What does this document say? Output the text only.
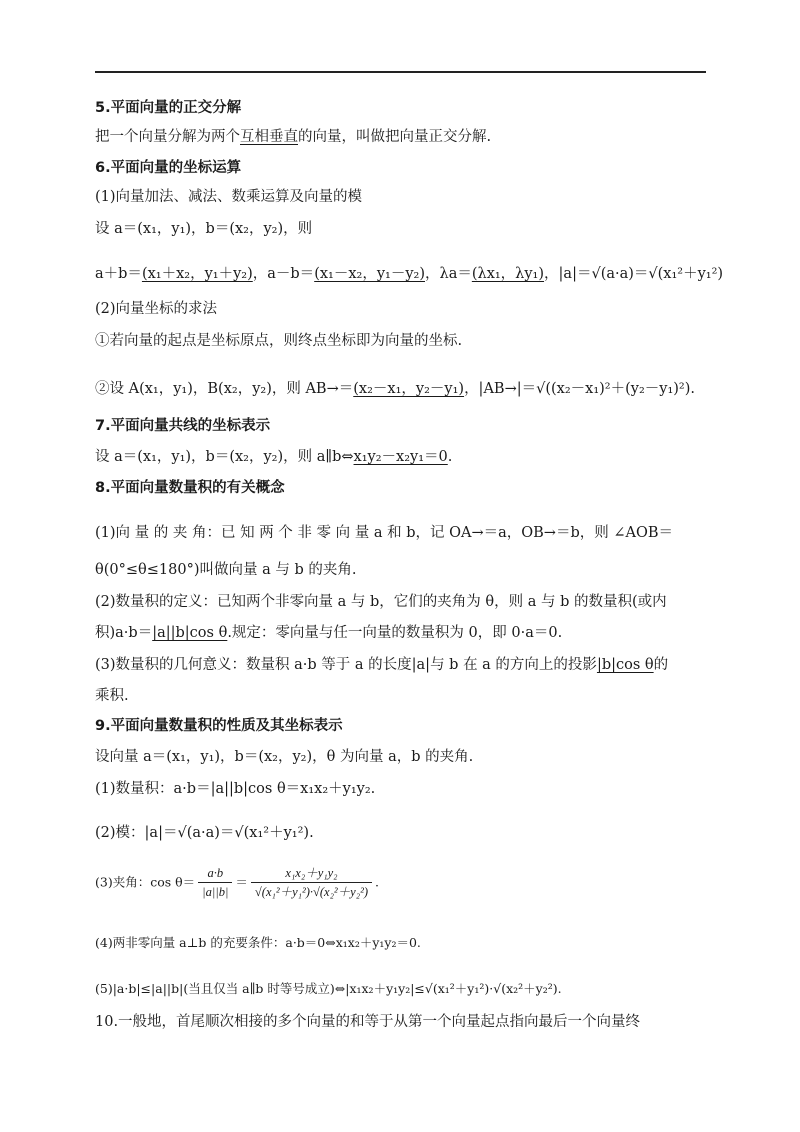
5.平面向量的正交分解
把一个向量分解为两个互相垂直的向量，叫做把向量正交分解.
6.平面向量的坐标运算
(1)向量加法、减法、数乘运算及向量的模
设 a＝(x₁，y₁)，b＝(x₂，y₂)，则
a＋b＝(x₁＋x₂，y₁＋y₂)，a－b＝(x₁－x₂，y₁－y₂)，λa＝(λx₁，λy₁)，|a|＝√(a·a)＝√(x₁²＋y₁²)
(2)向量坐标的求法
①若向量的起点是坐标原点，则终点坐标即为向量的坐标.
②设 A(x₁，y₁)，B(x₂，y₂)，则 AB→＝(x₂－x₁，y₂－y₁)，|AB→|＝√((x₂－x₁)²＋(y₂－y₁)²).
7.平面向量共线的坐标表示
设 a＝(x₁，y₁)，b＝(x₂，y₂)，则 a∥b⇔x₁y₂－x₂y₁＝0.
8.平面向量数量积的有关概念
(1)向 量 的 夹 角：已 知 两 个 非 零 向 量 a 和 b，记 OA→＝a，OB→＝b，则 ∠AOB＝
θ(0°≤θ≤180°)叫做向量 a 与 b 的夹角.
(2)数量积的定义：已知两个非零向量 a 与 b，它们的夹角为 θ，则 a 与 b 的数量积(或内
积)a·b＝|a||b|cos θ.规定：零向量与任一向量的数量积为 0，即 0·a＝0.
(3)数量积的几何意义：数量积 a·b 等于 a 的长度|a|与 b 在 a 的方向上的投影|b|cos θ的
乘积.
9.平面向量数量积的性质及其坐标表示
设向量 a＝(x₁，y₁)，b＝(x₂，y₂)，θ 为向量 a，b 的夹角.
(1)数量积：a·b＝|a||b|cos θ＝x₁x₂＋y₁y₂.
(2)模：|a|＝√(a·a)＝√(x₁²＋y₁²).
(3)夹角：$\cos \theta= \frac{a\cdot b}{|a||b|} = \frac{\text{x₁x₂＋y₁y₂}}{\text{√(x₁²＋y₁²)·√(x₂²＋y₂²)}}$ .
(4)两非零向量 a⊥b 的充要条件：a·b＝0⇔x₁x₂＋y₁y₂＝0.
(5)|a·b|≤|a||b|(当且仅当 a∥b 时等号成立)⇔|x₁x₂＋y₁y₂|≤√(x₁²＋y₁²)·√(x₂²＋y₂²).
10.一般地，首尾顺次相接的多个向量的和等于从第一个向量起点指向最后一个向量终
